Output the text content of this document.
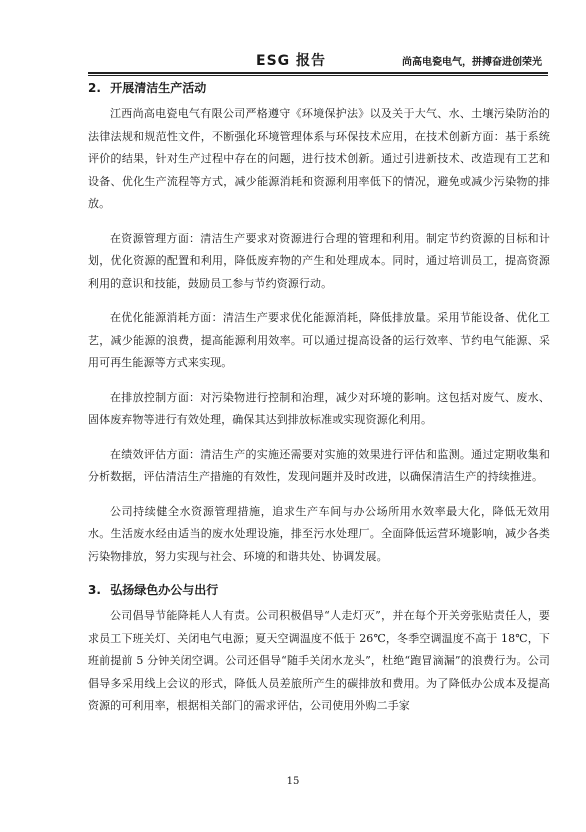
ESG 报告	尚高电瓷电气，拼搏奋进创荣光
2. 开展清洁生产活动

江西尚高电瓷电气有限公司严格遵守《环境保护法》以及关于大气、水、土壤污染防治的法律法规和规范性文件，不断强化环境管理体系与环保技术应用，在技术创新方面：基于系统评价的结果，针对生产过程中存在的问题，进行技术创新。通过引进新技术、改造现有工艺和设备、优化生产流程等方式，减少能源消耗和资源利用率低下的情况，避免或减少污染物的排放。

在资源管理方面：清洁生产要求对资源进行合理的管理和利用。制定节约资源的目标和计划，优化资源的配置和利用，降低废弃物的产生和处理成本。同时，通过培训员工，提高资源利用的意识和技能，鼓励员工参与节约资源行动。

在优化能源消耗方面：清洁生产要求优化能源消耗，降低排放量。采用节能设备、优化工艺，减少能源的浪费，提高能源利用效率。可以通过提高设备的运行效率、节约电气能源、采用可再生能源等方式来实现。

在排放控制方面：对污染物进行控制和治理，减少对环境的影响。这包括对废气、废水、固体废弃物等进行有效处理，确保其达到排放标准或实现资源化利用。

在绩效评估方面：清洁生产的实施还需要对实施的效果进行评估和监测。通过定期收集和分析数据，评估清洁生产措施的有效性，发现问题并及时改进，以确保清洁生产的持续推进。

公司持续健全水资源管理措施，追求生产车间与办公场所用水效率最大化，降低无效用水。生活废水经由适当的废水处理设施，排至污水处理厂。全面降低运营环境影响，减少各类污染物排放，努力实现与社会、环境的和谐共处、协调发展。

3. 弘扬绿色办公与出行

公司倡导节能降耗人人有责。公司积极倡导“人走灯灭”，并在每个开关旁张贴责任人，要求员工下班关灯、关闭电气电源；夏天空调温度不低于 26℃，冬季空调温度不高于 18℃，下班前提前 5 分钟关闭空调。公司还倡导“随手关闭水龙头”，杜绝“跑冒滴漏”的浪费行为。公司倡导多采用线上会议的形式，降低人员差旅所产生的碳排放和费用。为了降低办公成本及提高资源的可利用率，根据相关部门的需求评估，公司使用外购二手家

15
